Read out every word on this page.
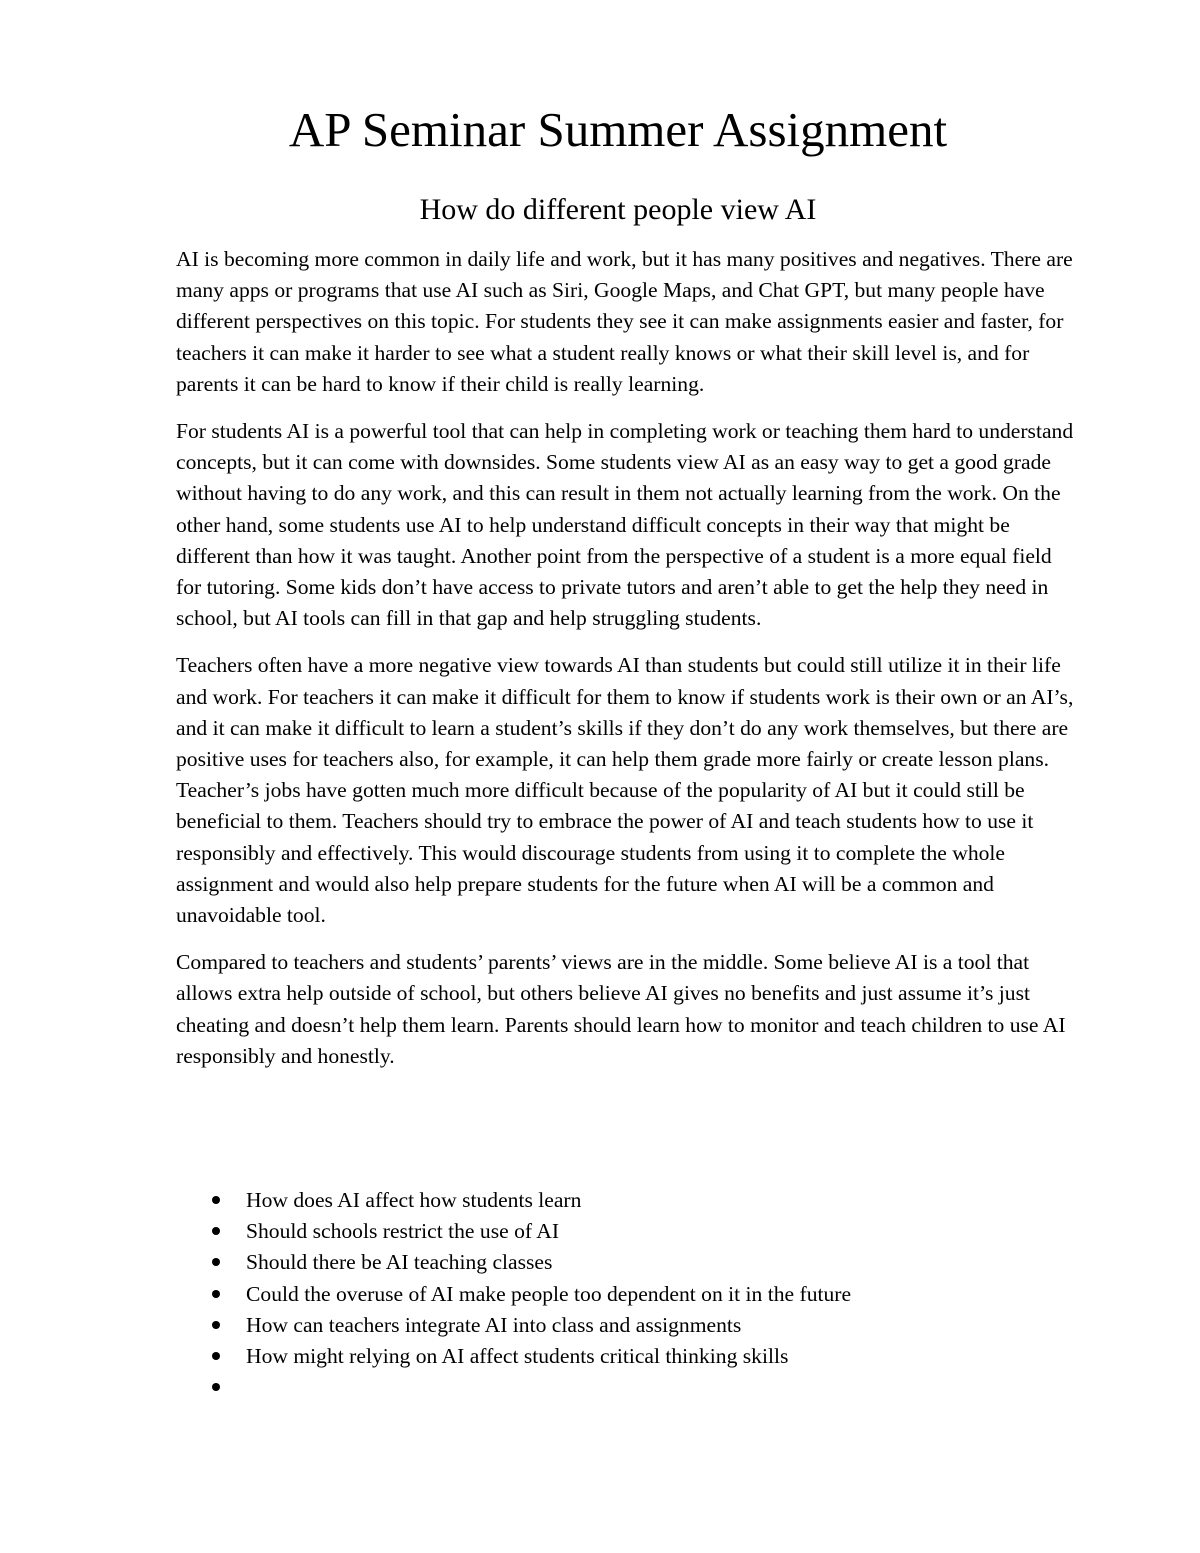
AP Seminar Summer Assignment
How do different people view AI

AI is becoming more common in daily life and work, but it has many positives and negatives. There are many apps or programs that use AI such as Siri, Google Maps, and Chat GPT, but many people have different perspectives on this topic. For students they see it can make assignments easier and faster, for teachers it can make it harder to see what a student really knows or what their skill level is, and for parents it can be hard to know if their child is really learning.

For students AI is a powerful tool that can help in completing work or teaching them hard to understand concepts, but it can come with downsides. Some students view AI as an easy way to get a good grade without having to do any work, and this can result in them not actually learning from the work. On the other hand, some students use AI to help understand difficult concepts in their way that might be different than how it was taught. Another point from the perspective of a student is a more equal field for tutoring. Some kids don’t have access to private tutors and aren’t able to get the help they need in school, but AI tools can fill in that gap and help struggling students.

Teachers often have a more negative view towards AI than students but could still utilize it in their life and work. For teachers it can make it difficult for them to know if students work is their own or an AI’s, and it can make it difficult to learn a student’s skills if they don’t do any work themselves, but there are positive uses for teachers also, for example, it can help them grade more fairly or create lesson plans. Teacher’s jobs have gotten much more difficult because of the popularity of AI but it could still be beneficial to them. Teachers should try to embrace the power of AI and teach students how to use it responsibly and effectively. This would discourage students from using it to complete the whole assignment and would also help prepare students for the future when AI will be a common and unavoidable tool.

Compared to teachers and students’ parents’ views are in the middle. Some believe AI is a tool that allows extra help outside of school, but others believe AI gives no benefits and just assume it’s just cheating and doesn’t help them learn. Parents should learn how to monitor and teach children to use AI responsibly and honestly.

How does AI affect how students learn
Should schools restrict the use of AI
Should there be AI teaching classes
Could the overuse of AI make people too dependent on it in the future
How can teachers integrate AI into class and assignments
How might relying on AI affect students critical thinking skills
